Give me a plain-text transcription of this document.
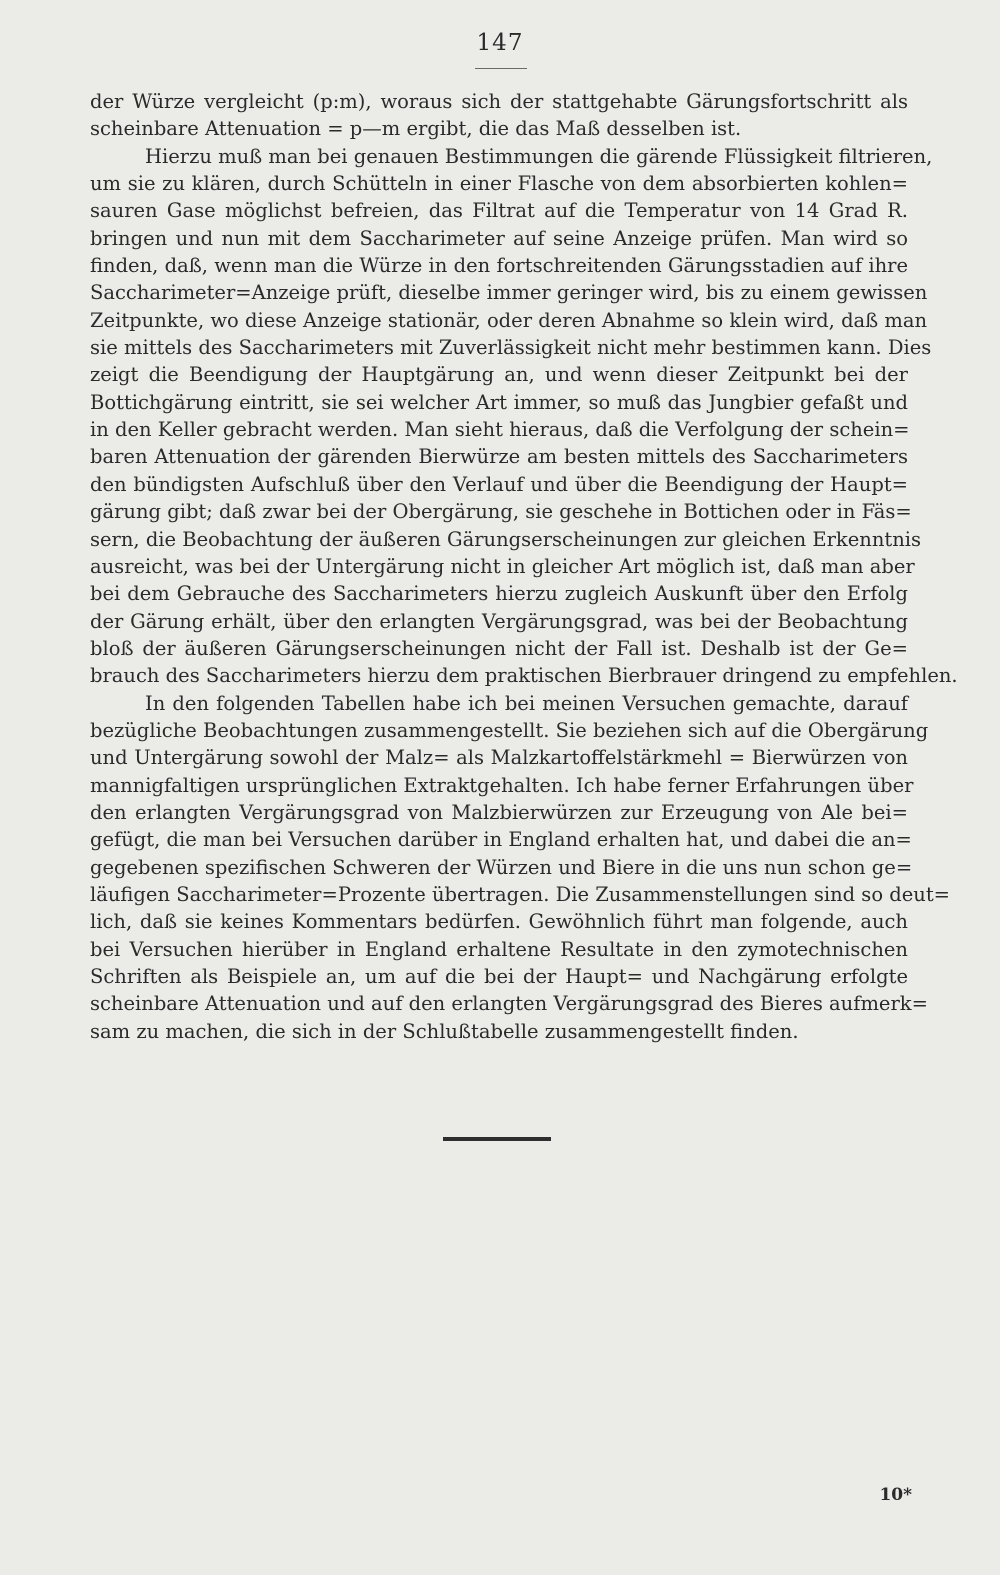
147
der Würze vergleicht (p:m), woraus sich der stattgehabte Gärungsfortschritt als
scheinbare Attenuation = p—m ergibt, die das Maß desselben ist.
Hierzu muß man bei genauen Bestimmungen die gärende Flüssigkeit filtrieren,
um sie zu klären, durch Schütteln in einer Flasche von dem absorbierten kohlen=
sauren Gase möglichst befreien, das Filtrat auf die Temperatur von 14 Grad R.
bringen und nun mit dem Saccharimeter auf seine Anzeige prüfen. Man wird so
finden, daß, wenn man die Würze in den fortschreitenden Gärungsstadien auf ihre
Saccharimeter=Anzeige prüft, dieselbe immer geringer wird, bis zu einem gewissen
Zeitpunkte, wo diese Anzeige stationär, oder deren Abnahme so klein wird, daß man
sie mittels des Saccharimeters mit Zuverlässigkeit nicht mehr bestimmen kann. Dies
zeigt die Beendigung der Hauptgärung an, und wenn dieser Zeitpunkt bei der
Bottichgärung eintritt, sie sei welcher Art immer, so muß das Jungbier gefaßt und
in den Keller gebracht werden. Man sieht hieraus, daß die Verfolgung der schein=
baren Attenuation der gärenden Bierwürze am besten mittels des Saccharimeters
den bündigsten Aufschluß über den Verlauf und über die Beendigung der Haupt=
gärung gibt; daß zwar bei der Obergärung, sie geschehe in Bottichen oder in Fäs=
sern, die Beobachtung der äußeren Gärungserscheinungen zur gleichen Erkenntnis
ausreicht, was bei der Untergärung nicht in gleicher Art möglich ist, daß man aber
bei dem Gebrauche des Saccharimeters hierzu zugleich Auskunft über den Erfolg
der Gärung erhält, über den erlangten Vergärungsgrad, was bei der Beobachtung
bloß der äußeren Gärungserscheinungen nicht der Fall ist. Deshalb ist der Ge=
brauch des Saccharimeters hierzu dem praktischen Bierbrauer dringend zu empfehlen.
In den folgenden Tabellen habe ich bei meinen Versuchen gemachte, darauf
bezügliche Beobachtungen zusammengestellt. Sie beziehen sich auf die Obergärung
und Untergärung sowohl der Malz= als Malzkartoffelstärkmehl = Bierwürzen von
mannigfaltigen ursprünglichen Extraktgehalten. Ich habe ferner Erfahrungen über
den erlangten Vergärungsgrad von Malzbierwürzen zur Erzeugung von Ale bei=
gefügt, die man bei Versuchen darüber in England erhalten hat, und dabei die an=
gegebenen spezifischen Schweren der Würzen und Biere in die uns nun schon ge=
läufigen Saccharimeter=Prozente übertragen. Die Zusammenstellungen sind so deut=
lich, daß sie keines Kommentars bedürfen. Gewöhnlich führt man folgende, auch
bei Versuchen hierüber in England erhaltene Resultate in den zymotechnischen
Schriften als Beispiele an, um auf die bei der Haupt= und Nachgärung erfolgte
scheinbare Attenuation und auf den erlangten Vergärungsgrad des Bieres aufmerk=
sam zu machen, die sich in der Schlußtabelle zusammengestellt finden.
10*
